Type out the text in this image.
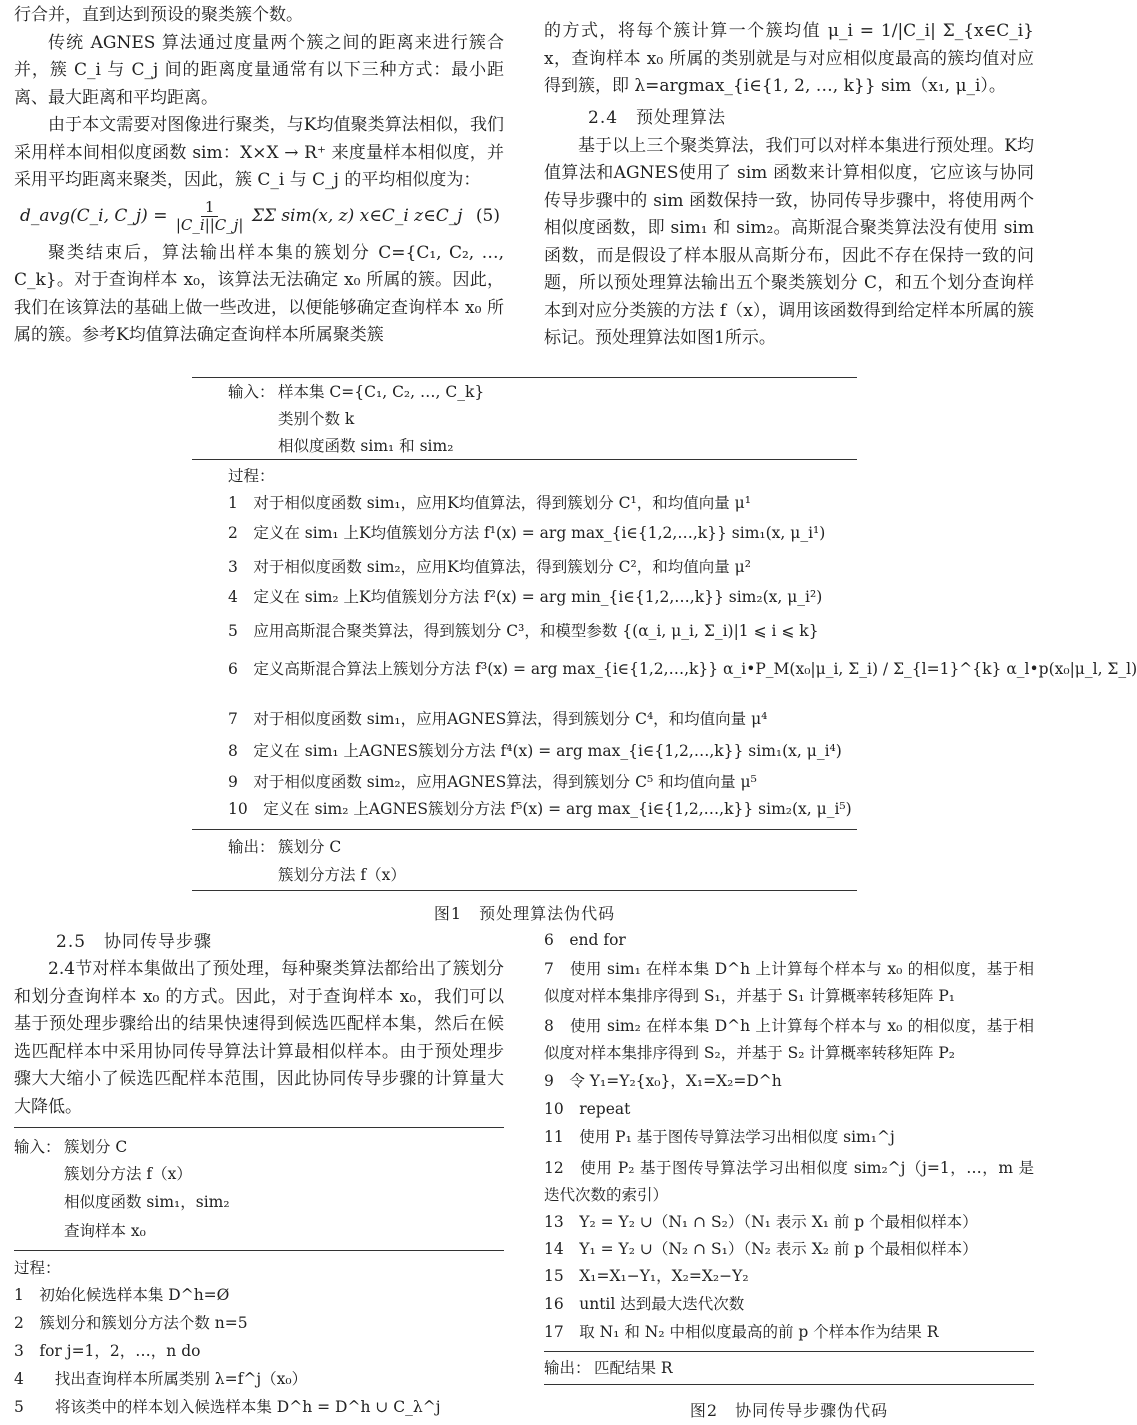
行合并，直到达到预设的聚类簇个数。

传统 AGNES 算法通过度量两个簇之间的距离来进行簇合并，簇 C_i 与 C_j 间的距离度量通常有以下三种方式：最小距离、最大距离和平均距离。

由于本文需要对图像进行聚类，与K均值聚类算法相似，我们采用样本间相似度函数 sim：X×X → R⁺ 来度量样本相似度，并采用平均距离来聚类，因此，簇 C_i 与 C_j 的平均相似度为：

d_avg(C_i, C_j) = $\frac{1}{|C\_i||C\_j|}$ ΣΣ sim(x, z) x∈C_i z∈C_j (5)

聚类结束后，算法输出样本集的簇划分 C={C₁, C₂, …, C_k}。对于查询样本 x₀，该算法无法确定 x₀ 所属的簇。因此，我们在该算法的基础上做一些改进，以便能够确定查询样本 x₀ 所属的簇。参考K均值算法确定查询样本所属聚类簇

的方式，将每个簇计算一个簇均值 μ_i = 1/|C_i| Σ_{x∈C_i} x，查询样本 x₀ 所属的类别就是与对应相似度最高的簇均值对应得到簇，即 λ=argmax_{i∈{1, 2, …, k}} sim（x₁, μ_i）。

2.4　预处理算法

基于以上三个聚类算法，我们可以对样本集进行预处理。K均值算法和AGNES使用了 sim 函数来计算相似度，它应该与协同传导步骤中的 sim 函数保持一致，协同传导步骤中，将使用两个相似度函数，即 sim₁ 和 sim₂。高斯混合聚类算法没有使用 sim 函数，而是假设了样本服从高斯分布，因此不存在保持一致的问题，所以预处理算法输出五个聚类簇划分 C，和五个划分查询样本到对应分类簇的方法 f（x），调用该函数得到给定样本所属的簇标记。预处理算法如图1所示。

输入： 样本集 C={C₁, C₂, …, C_k}
类别个数 k
相似度函数 sim₁ 和 sim₂
过程：
1　对于相似度函数 sim₁，应用K均值算法，得到簇划分 C¹，和均值向量 μ¹
2　定义在 sim₁ 上K均值簇划分方法 f¹(x) = arg max_{i∈{1,2,…,k}} sim₁(x, μ_i¹)
3　对于相似度函数 sim₂，应用K均值算法，得到簇划分 C²，和均值向量 μ²
4　定义在 sim₂ 上K均值簇划分方法 f²(x) = arg min_{i∈{1,2,…,k}} sim₂(x, μ_i²)
5　应用高斯混合聚类算法，得到簇划分 C³，和模型参数 {(α_i, μ_i, Σ_i)|1 ⩽ i ⩽ k}
6　定义高斯混合算法上簇划分方法 f³(x) = arg max_{i∈{1,2,…,k}} α_i•P_M(x₀|μ_i, Σ_i) / Σ_{l=1}^{k} α_l•p(x₀|μ_l, Σ_l)
7　对于相似度函数 sim₁，应用AGNES算法，得到簇划分 C⁴，和均值向量 μ⁴
8　定义在 sim₁ 上AGNES簇划分方法 f⁴(x) = arg max_{i∈{1,2,…,k}} sim₁(x, μ_i⁴)
9　对于相似度函数 sim₂，应用AGNES算法，得到簇划分 C⁵ 和均值向量 μ⁵
10　定义在 sim₂ 上AGNES簇划分方法 f⁵(x) = arg max_{i∈{1,2,…,k}} sim₂(x, μ_i⁵)
输出： 簇划分 C
簇划分方法 f（x）
图1　预处理算法伪代码
2.5　协同传导步骤

2.4节对样本集做出了预处理，每种聚类算法都给出了簇划分和划分查询样本 x₀ 的方式。因此，对于查询样本 x₀，我们可以基于预处理步骤给出的结果快速得到候选匹配样本集，然后在候选匹配样本中采用协同传导算法计算最相似样本。由于预处理步骤大大缩小了候选匹配样本范围，因此协同传导步骤的计算量大大降低。

输入： 簇划分 C
簇划分方法 f（x）
相似度函数 sim₁，sim₂
查询样本 x₀
过程：
1　初始化候选样本集 D^h=Ø
2　簇划分和簇划分方法个数 n=5
3　for j=1，2，…，n do
4　　找出查询样本所属类别 λ=f^j（x₀）
5　　将该类中的样本划入候选样本集 D^h = D^h ∪ C_λ^j
6　end for
7　使用 sim₁ 在样本集 D^h 上计算每个样本与 x₀ 的相似度，基于相似度对样本集排序得到 S₁，并基于 S₁ 计算概率转移矩阵 P₁
8　使用 sim₂ 在样本集 D^h 上计算每个样本与 x₀ 的相似度，基于相似度对样本集排序得到 S₂，并基于 S₂ 计算概率转移矩阵 P₂
9　令 Y₁=Y₂{x₀}，X₁=X₂=D^h
10　repeat
11　使用 P₁ 基于图传导算法学习出相似度 sim₁^j
12　使用 P₂ 基于图传导算法学习出相似度 sim₂^j（j=1，…，m 是迭代次数的索引）
13　Y₂ = Y₂ ∪（N₁ ∩ S₂）（N₁ 表示 X₁ 前 p 个最相似样本）
14　Y₁ = Y₂ ∪（N₂ ∩ S₁）（N₂ 表示 X₂ 前 p 个最相似样本）
15　X₁=X₁−Y₁，X₂=X₂−Y₂
16　until 达到最大迭代次数
17　取 N₁ 和 N₂ 中相似度最高的前 p 个样本作为结果 R
输出： 匹配结果 R
图2　协同传导步骤伪代码
